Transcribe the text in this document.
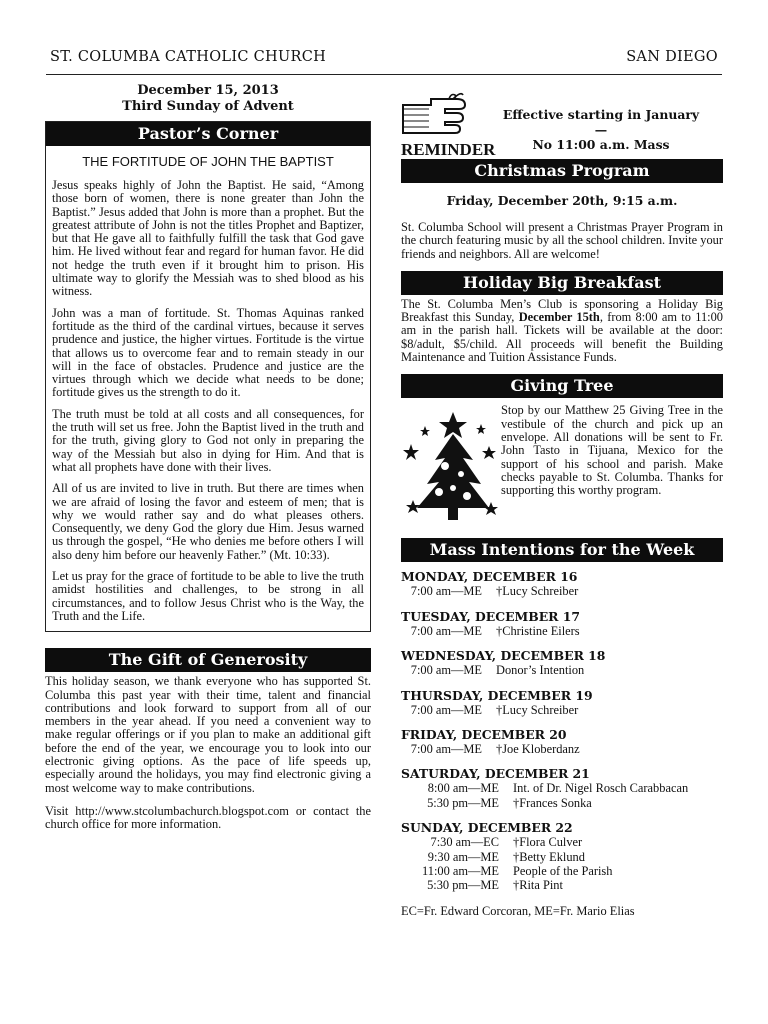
ST. COLUMBA CATHOLIC CHURCH	SAN DIEGO
December 15, 2013
Third Sunday of Advent
Pastor’s Corner
THE FORTITUDE OF JOHN THE BAPTIST

Jesus speaks highly of John the Baptist. He said, “Among those born of women, there is none greater than John the Baptist.” Jesus added that John is more than a prophet. But the greatest attribute of John is not the titles Prophet and Baptizer, but that He gave all to faithfully fulfill the task that God gave him. He lived without fear and regard for human favor. He did not hedge the truth even if it brought him to prison. His ultimate way to glorify the Messiah was to shed blood as his witness.

John was a man of fortitude. St. Thomas Aquinas ranked fortitude as the third of the cardinal virtues, because it serves prudence and justice, the higher virtues. Fortitude is the virtue that allows us to overcome fear and to remain steady in our will in the face of obstacles. Prudence and justice are the virtues through which we decide what needs to be done; fortitude gives us the strength to do it.

The truth must be told at all costs and all consequences, for the truth will set us free. John the Baptist lived in the truth and for the truth, giving glory to God not only in preparing the way of the Messiah but also in dying for Him. And that is what all prophets have done with their lives.

All of us are invited to live in truth. But there are times when we are afraid of losing the favor and esteem of men; that is why we would rather say and do what pleases others. Consequently, we deny God the glory due Him. Jesus warned us through the gospel, “He who denies me before others I will also deny him before our heavenly Father.” (Mt. 10:33).

Let us pray for the grace of fortitude to be able to live the truth amidst hostilities and challenges, to be strong in all circumstances, and to follow Jesus Christ who is the Way, the Truth and the Life.

The Gift of Generosity

This holiday season, we thank everyone who has supported St. Columba this past year with their time, talent and financial contributions and look forward to support from all of our members in the year ahead. If you need a convenient way to make regular offerings or if you plan to make an additional gift before the end of the year, we encourage you to look into our electronic giving options. As the pace of life speeds up, especially around the holidays, you may find electronic giving a most welcome way to make contributions.

Visit http://www.stcolumbachurch.blogspot.com or contact the church office for more information.

REMINDER
Effective starting in January—
No 11:00 a.m. Mass
Christmas Program
Friday, December 20th, 9:15 a.m.

St. Columba School will present a Christmas Prayer Program in the church featuring music by all the school children. Invite your friends and neighbors. All are welcome!

Holiday Big Breakfast

The St. Columba Men’s Club is sponsoring a Holiday Big Breakfast this Sunday, December 15th, from 8:00 am to 11:00 am in the parish hall. Tickets will be available at the door: $8/adult, $5/child. All proceeds will benefit the Building Maintenance and Tuition Assistance Funds.

Giving Tree

Stop by our Matthew 25 Giving Tree in the vestibule of the church and pick up an envelope. All donations will be sent to Fr. John Tasto in Tijuana, Mexico for the support of his school and parish. Make checks payable to St. Columba. Thanks for supporting this worthy program.

Mass Intentions for the Week
MONDAY, DECEMBER 16
7:00 am—ME	†Lucy Schreiber
TUESDAY, DECEMBER 17
7:00 am—ME	†Christine Eilers
WEDNESDAY, DECEMBER 18
7:00 am—ME	Donor’s Intention
THURSDAY, DECEMBER 19
7:00 am—ME	†Lucy Schreiber
FRIDAY, DECEMBER 20
7:00 am—ME	†Joe Kloberdanz
SATURDAY, DECEMBER 21
8:00 am—ME	Int. of Dr. Nigel Rosch Carabbacan
5:30 pm—ME	†Frances Sonka
SUNDAY, DECEMBER 22
7:30 am—EC	†Flora Culver
9:30 am—ME	†Betty Eklund
11:00 am—ME	People of the Parish
5:30 pm—ME	†Rita Pint
EC=Fr. Edward Corcoran, ME=Fr. Mario Elias
